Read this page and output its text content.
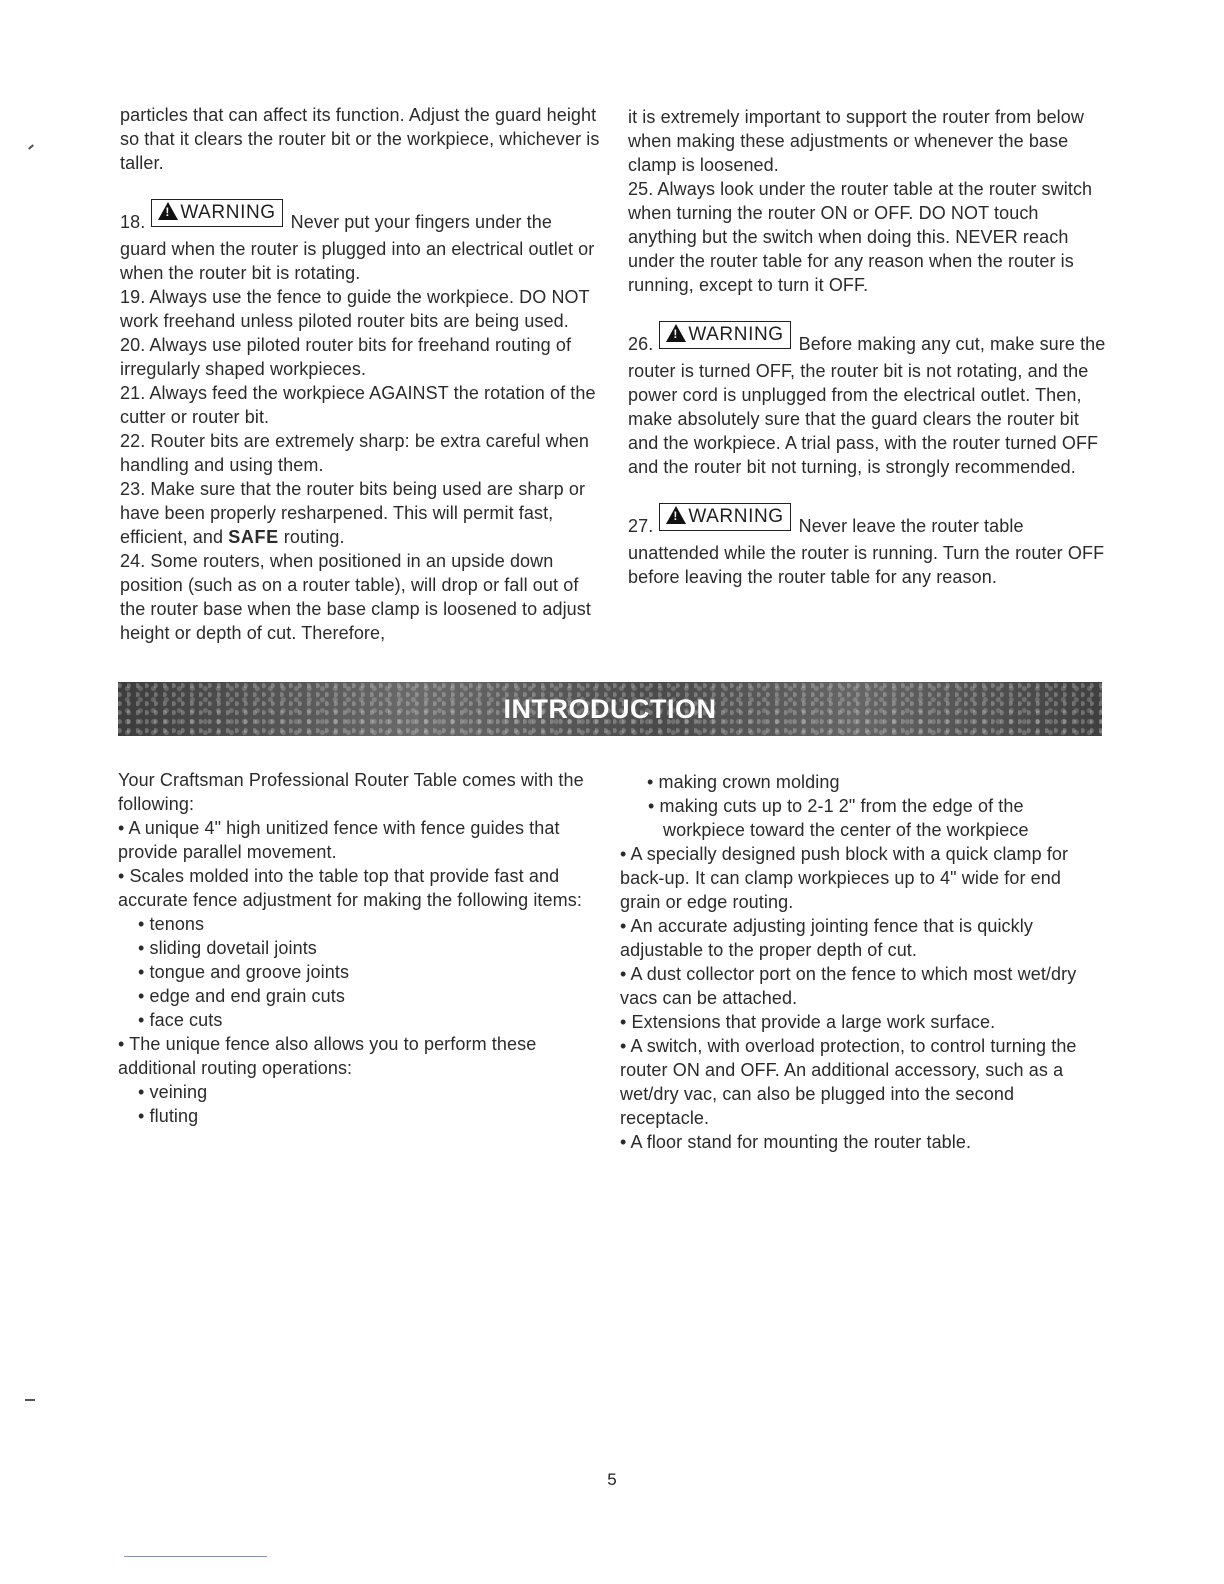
particles that can affect its function. Adjust the guard height so that it clears the router bit or the workpiece, whichever is taller.

18. ! WARNING Never put your fingers under the guard when the router is plugged into an electrical outlet or when the router bit is rotating.

19. Always use the fence to guide the workpiece. DO NOT work freehand unless piloted router bits are being used.

20. Always use piloted router bits for freehand routing of irregularly shaped workpieces.

21. Always feed the workpiece AGAINST the rotation of the cutter or router bit.

22. Router bits are extremely sharp: be extra careful when handling and using them.

23. Make sure that the router bits being used are sharp or have been properly resharpened. This will permit fast, efficient, and SAFE routing.

24. Some routers, when positioned in an upside down position (such as on a router table), will drop or fall out of the router base when the base clamp is loosened to adjust height or depth of cut. Therefore,

it is extremely important to support the router from below when making these adjustments or whenever the base clamp is loosened.

25. Always look under the router table at the router switch when turning the router ON or OFF. DO NOT touch anything but the switch when doing this. NEVER reach under the router table for any reason when the router is running, except to turn it OFF.

26. ! WARNING Before making any cut, make sure the router is turned OFF, the router bit is not rotating, and the power cord is unplugged from the electrical outlet. Then, make absolutely sure that the guard clears the router bit and the workpiece. A trial pass, with the router turned OFF and the router bit not turning, is strongly recommended.

27. ! WARNING Never leave the router table unattended while the router is running. Turn the router OFF before leaving the router table for any reason.

INTRODUCTION

Your Craftsman Professional Router Table comes with the following:

• A unique 4" high unitized fence with fence guides that provide parallel movement.

• Scales molded into the table top that provide fast and accurate fence adjustment for making the following items:

• tenons

• sliding dovetail joints

• tongue and groove joints

• edge and end grain cuts

• face cuts

• The unique fence also allows you to perform these additional routing operations:

• veining

• fluting

• making crown molding

• making cuts up to 2-1 2" from the edge of the workpiece toward the center of the workpiece

• A specially designed push block with a quick clamp for back-up. It can clamp workpieces up to 4" wide for end grain or edge routing.

• An accurate adjusting jointing fence that is quickly adjustable to the proper depth of cut.

• A dust collector port on the fence to which most wet/dry vacs can be attached.

• Extensions that provide a large work surface.

• A switch, with overload protection, to control turning the router ON and OFF. An additional accessory, such as a wet/dry vac, can also be plugged into the second receptacle.

• A floor stand for mounting the router table.

5
